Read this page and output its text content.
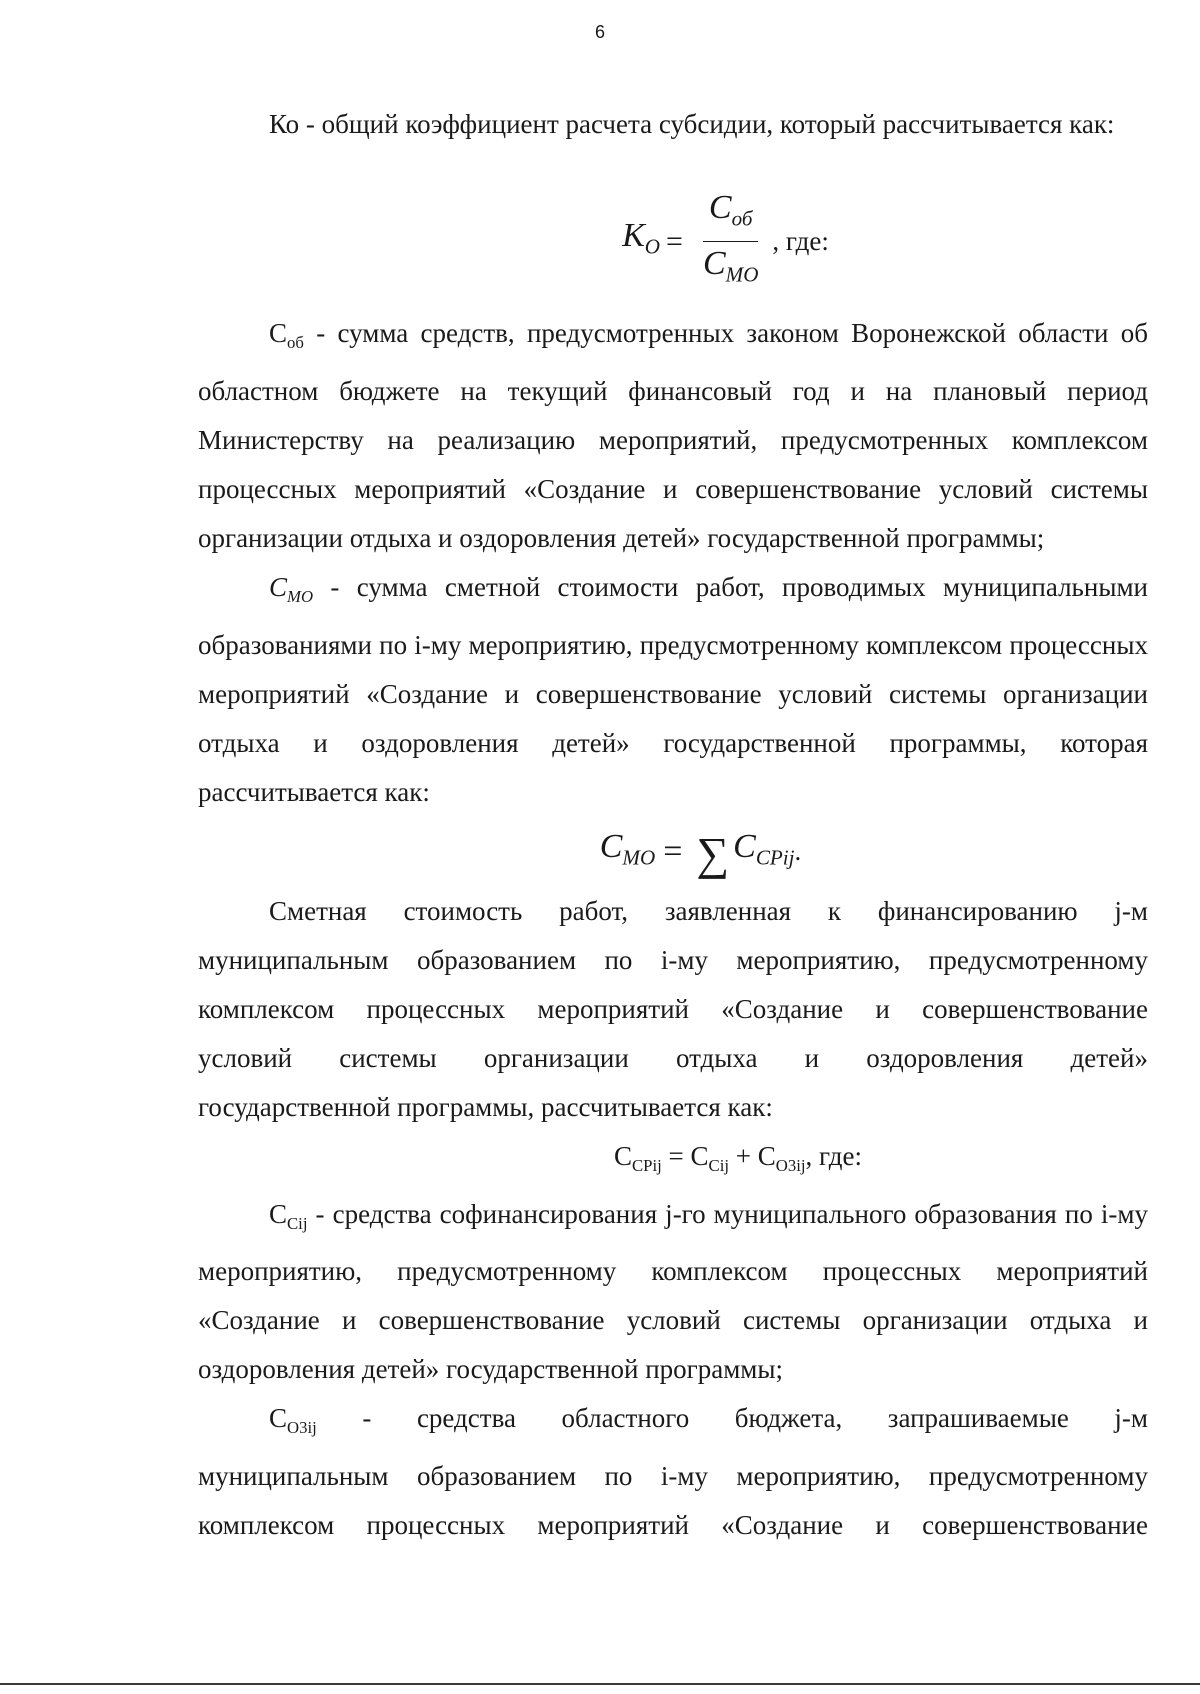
6

Ко - общий коэффициент расчета субсидии, который рассчитывается как:

$K_O = \frac{C_{об}}{C_{MO}}$ , где:

$С_{об}$ - сумма средств, предусмотренных законом Воронежской области об областном бюджете на текущий финансовый год и на плановый период Министерству на реализацию мероприятий, предусмотренных комплексом процессных мероприятий «Создание и совершенствование условий системы организации отдыха и оздоровления детей» государственной программы;

$C_{MO}$ - сумма сметной стоимости работ, проводимых муниципальными образованиями по i-му мероприятию, предусмотренному комплексом процессных мероприятий «Создание и совершенствование условий системы организации отдыха и оздоровления детей» государственной программы, которая рассчитывается как:

$C_{MO}$ = ∑ $C_{CPij}$ .
Сметная стоимость работ, заявленная к финансированию j-м
муниципальным образованием по i-му мероприятию, предусмотренному
комплексом процессных мероприятий «Создание и совершенствование
условий системы организации отдыха и оздоровления детей»
государственной программы, рассчитывается как:
$С_{CPij} = С_{Cij} + С_{O3ij}$, где:

$С_{Cij}$ - средства софинансирования j-го муниципального образования по i-му мероприятию, предусмотренному комплексом процессных мероприятий «Создание и совершенствование условий системы организации отдыха и оздоровления детей» государственной программы;

$С_{O3ij}$ - средства областного бюджета, запрашиваемые j-м
муниципальным образованием по i-му мероприятию, предусмотренному
комплексом процессных мероприятий «Создание и совершенствование
